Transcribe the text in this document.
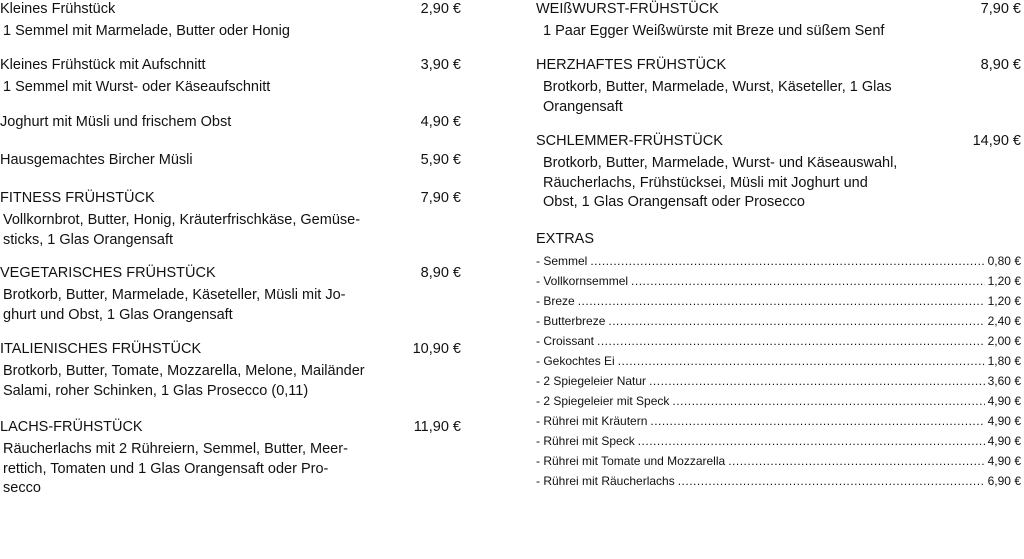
Kleines Frühstück	2,90 €
1 Semmel mit Marmelade, Butter oder Honig
Kleines Frühstück mit Aufschnitt	3,90 €
1 Semmel mit Wurst- oder Käseaufschnitt
Joghurt mit Müsli und frischem Obst	4,90 €
Hausgemachtes Bircher Müsli	5,90 €
FITNESS FRÜHSTÜCK	7,90 €
Vollkornbrot, Butter, Honig, Kräuterfrischkäse, Gemüse-
sticks, 1 Glas Orangensaft
VEGETARISCHES FRÜHSTÜCK	8,90 €
Brotkorb, Butter, Marmelade, Käseteller, Müsli mit Jo-
ghurt und Obst, 1 Glas Orangensaft
ITALIENISCHES FRÜHSTÜCK	10,90 €
Brotkorb, Butter, Tomate, Mozzarella, Melone, Mailänder
Salami, roher Schinken, 1 Glas Prosecco (0,11)
LACHS-FRÜHSTÜCK	11,90 €
Räucherlachs mit 2 Rühreiern, Semmel, Butter, Meer-
rettich, Tomaten und 1 Glas Orangensaft oder Pro-
secco
WEIßWURST-FRÜHSTÜCK	7,90 €
1 Paar Egger Weißwürste mit Breze und süßem Senf
HERZHAFTES FRÜHSTÜCK	8,90 €
Brotkorb, Butter, Marmelade, Wurst, Käseteller, 1 Glas
Orangensaft
SCHLEMMER-FRÜHSTÜCK	14,90 €
Brotkorb, Butter, Marmelade, Wurst- und Käseauswahl,
Räucherlachs, Frühstücksei, Müsli mit Joghurt und
Obst, 1 Glas Orangensaft oder Prosecco
EXTRAS
- Semmel .....	0,80 €
- Vollkornsemmel .....	1,20 €
- Breze .....	1,20 €
- Butterbreze .....	2,40 €
- Croissant .....	2,00 €
- Gekochtes Ei .....	1,80 €
- 2 Spiegeleier Natur .....	3,60 €
- 2 Spiegeleier mit Speck .....	4,90 €
- Rührei mit Kräutern .....	4,90 €
- Rührei mit Speck .....	4,90 €
- Rührei mit Tomate und Mozzarella .....	4,90 €
- Rührei mit Räucherlachs .....	6,90 €
